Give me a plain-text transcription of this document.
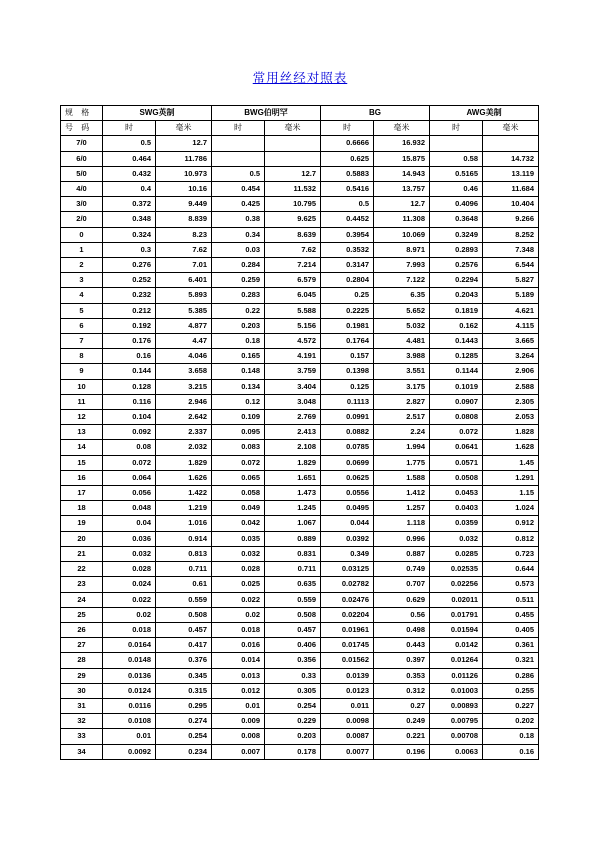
常用丝经对照表
规 格	SWG英制		BWG伯明罕		BG		AWG美制	
号 码	时	毫米	时	毫米	时	毫米	时	毫米
7/0	0.5	12.7			0.6666	16.932		
6/0	0.464	11.786			0.625	15.875	0.58	14.732
5/0	0.432	10.973	0.5	12.7	0.5883	14.943	0.5165	13.119
4/0	0.4	10.16	0.454	11.532	0.5416	13.757	0.46	11.684
3/0	0.372	9.449	0.425	10.795	0.5	12.7	0.4096	10.404
2/0	0.348	8.839	0.38	9.625	0.4452	11.308	0.3648	9.266
0	0.324	8.23	0.34	8.639	0.3954	10.069	0.3249	8.252
1	0.3	7.62	0.03	7.62	0.3532	8.971	0.2893	7.348
2	0.276	7.01	0.284	7.214	0.3147	7.993	0.2576	6.544
3	0.252	6.401	0.259	6.579	0.2804	7.122	0.2294	5.827
4	0.232	5.893	0.283	6.045	0.25	6.35	0.2043	5.189
5	0.212	5.385	0.22	5.588	0.2225	5.652	0.1819	4.621
6	0.192	4.877	0.203	5.156	0.1981	5.032	0.162	4.115
7	0.176	4.47	0.18	4.572	0.1764	4.481	0.1443	3.665
8	0.16	4.046	0.165	4.191	0.157	3.988	0.1285	3.264
9	0.144	3.658	0.148	3.759	0.1398	3.551	0.1144	2.906
10	0.128	3.215	0.134	3.404	0.125	3.175	0.1019	2.588
11	0.116	2.946	0.12	3.048	0.1113	2.827	0.0907	2.305
12	0.104	2.642	0.109	2.769	0.0991	2.517	0.0808	2.053
13	0.092	2.337	0.095	2.413	0.0882	2.24	0.072	1.828
14	0.08	2.032	0.083	2.108	0.0785	1.994	0.0641	1.628
15	0.072	1.829	0.072	1.829	0.0699	1.775	0.0571	1.45
16	0.064	1.626	0.065	1.651	0.0625	1.588	0.0508	1.291
17	0.056	1.422	0.058	1.473	0.0556	1.412	0.0453	1.15
18	0.048	1.219	0.049	1.245	0.0495	1.257	0.0403	1.024
19	0.04	1.016	0.042	1.067	0.044	1.118	0.0359	0.912
20	0.036	0.914	0.035	0.889	0.0392	0.996	0.032	0.812
21	0.032	0.813	0.032	0.831	0.349	0.887	0.0285	0.723
22	0.028	0.711	0.028	0.711	0.03125	0.749	0.02535	0.644
23	0.024	0.61	0.025	0.635	0.02782	0.707	0.02256	0.573
24	0.022	0.559	0.022	0.559	0.02476	0.629	0.02011	0.511
25	0.02	0.508	0.02	0.508	0.02204	0.56	0.01791	0.455
26	0.018	0.457	0.018	0.457	0.01961	0.498	0.01594	0.405
27	0.0164	0.417	0.016	0.406	0.01745	0.443	0.0142	0.361
28	0.0148	0.376	0.014	0.356	0.01562	0.397	0.01264	0.321
29	0.0136	0.345	0.013	0.33	0.0139	0.353	0.01126	0.286
30	0.0124	0.315	0.012	0.305	0.0123	0.312	0.01003	0.255
31	0.0116	0.295	0.01	0.254	0.011	0.27	0.00893	0.227
32	0.0108	0.274	0.009	0.229	0.0098	0.249	0.00795	0.202
33	0.01	0.254	0.008	0.203	0.0087	0.221	0.00708	0.18
34	0.0092	0.234	0.007	0.178	0.0077	0.196	0.0063	0.16
